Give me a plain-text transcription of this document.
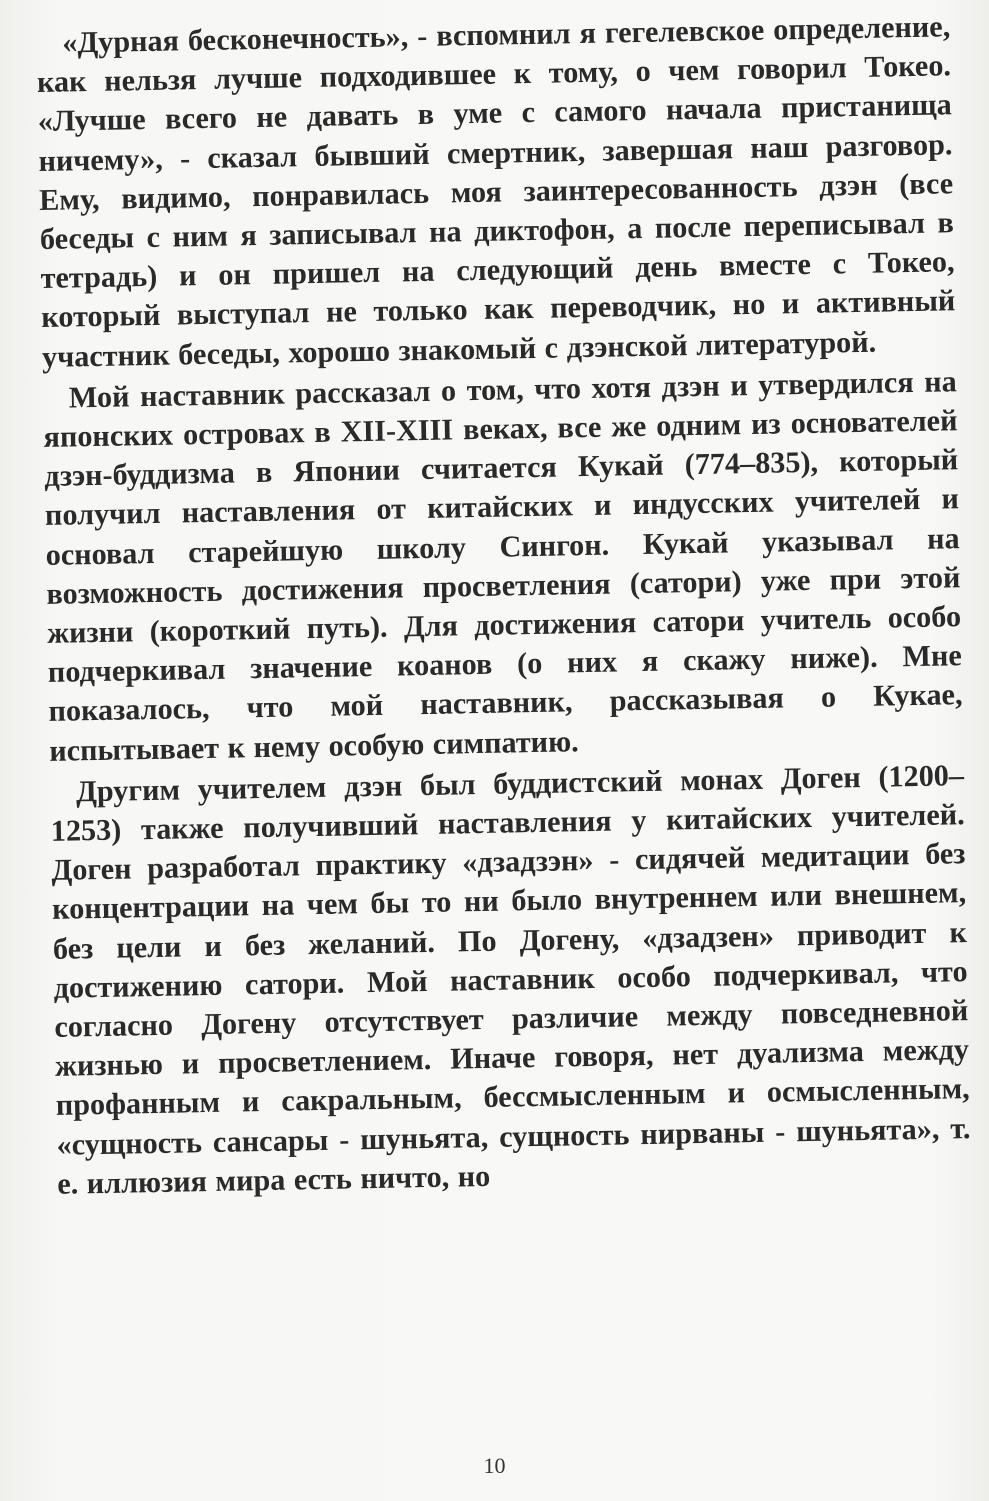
«Дурная бесконечность», - вспомнил я гегелевское определение, как нельзя лучше подходившее к тому, о чем говорил Токео. «Лучше всего не давать в уме с самого начала пристанища ничему», - сказал бывший смертник, завершая наш разговор. Ему, видимо, понравилась моя заинтересованность дзэн (все беседы с ним я записывал на диктофон, а после переписывал в тетрадь) и он пришел на следующий день вместе с Токео, который выступал не только как переводчик, но и активный участник беседы, хорошо знакомый с дзэнской литературой.

Мой наставник рассказал о том, что хотя дзэн и утвердился на японских островах в XII-XIII веках, все же одним из основателей дзэн-буддизма в Японии считается Кукай (774–835), который получил наставления от китайских и индусских учителей и основал старейшую школу Сингон. Кукай указывал на возможность достижения просветления (сатори) уже при этой жизни (короткий путь). Для достижения сатори учитель особо подчеркивал значение коанов (о них я скажу ниже). Мне показалось, что мой наставник, рассказывая о Кукае, испытывает к нему особую симпатию.

Другим учителем дзэн был буддистский монах Доген (1200–1253) также получивший наставления у китайских учителей. Доген разработал практику «дзадзэн» - сидячей медитации без концентрации на чем бы то ни было внутреннем или внешнем, без цели и без желаний. По Догену, «дзадзен» приводит к достижению сатори. Мой наставник особо подчеркивал, что согласно Догену отсутствует различие между повседневной жизнью и просветлением. Иначе говоря, нет дуализма между профанным и сакральным, бессмысленным и осмысленным, «сущность сансары - шуньята, сущность нирваны - шуньята», т. е. иллюзия мира есть ничто, но

10
